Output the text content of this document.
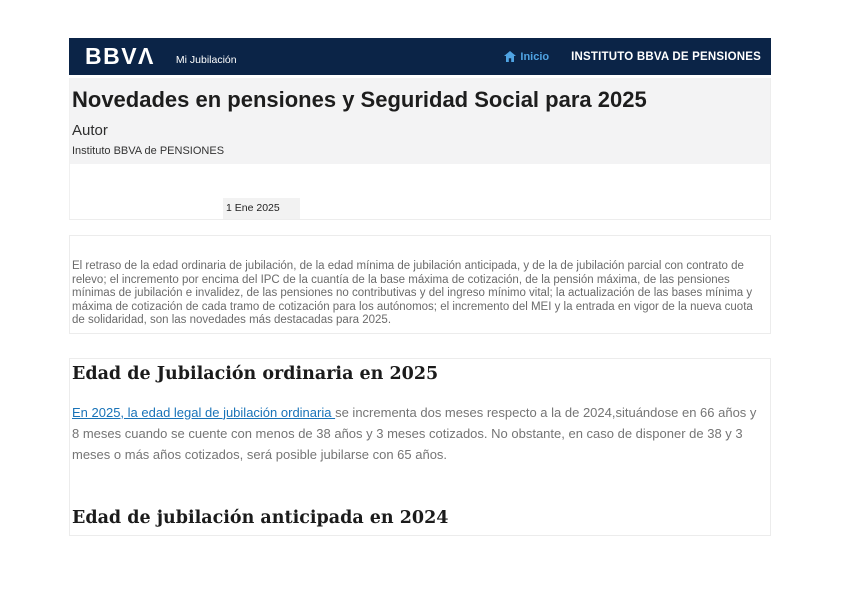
BBVΛ Mi Jubilación	Inicio INSTITUTO BBVA DE PENSIONES
Novedades en pensiones y Seguridad Social para 2025
Autor
Instituto BBVA de PENSIONES
1 Ene 2025

El retraso de la edad ordinaria de jubilación, de la edad mínima de jubilación anticipada, y de la de jubilación parcial con contrato de relevo; el incremento por encima del IPC de la cuantía de la base máxima de cotización, de la pensión máxima, de las pensiones mínimas de jubilación e invalidez, de las pensiones no contributivas y del ingreso mínimo vital; la actualización de las bases mínima y máxima de cotización de cada tramo de cotización para los autónomos; el incremento del MEI y la entrada en vigor de la nueva cuota de solidaridad, son las novedades más destacadas para 2025.

Edad de Jubilación ordinaria en 2025

En 2025, la edad legal de jubilación ordinaria se incrementa dos meses respecto a la de 2024,situándose en 66 años y 8 meses cuando se cuente con menos de 38 años y 3 meses cotizados. No obstante, en caso de disponer de 38 y 3 meses o más años cotizados, será posible jubilarse con 65 años.

Edad de jubilación anticipada en 2024
